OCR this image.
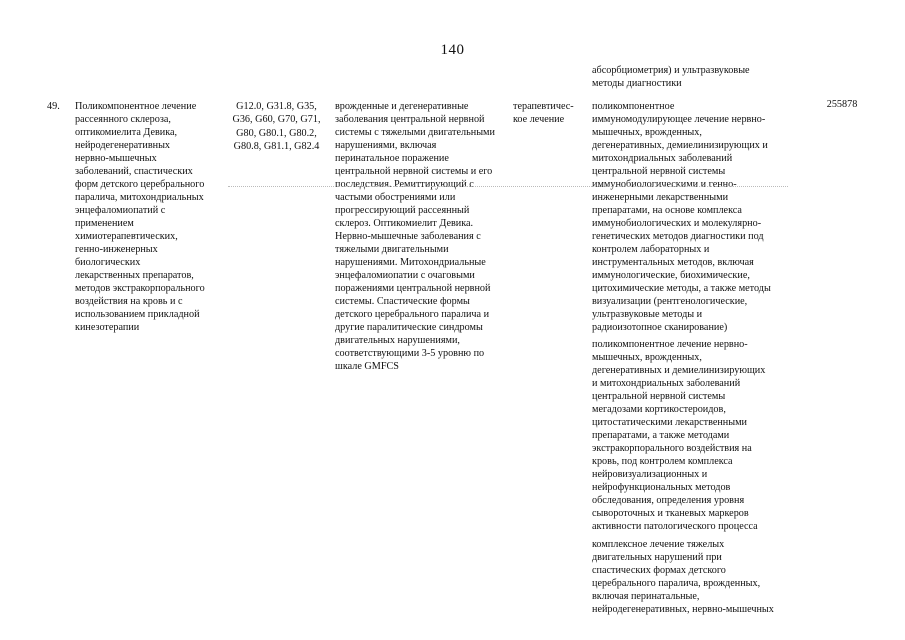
140

абсорбциометрия) и ультразвуковые
методы диагностики

49.	Поликомпонентное лечение
рассеянного склероза,
оптикомиелита Девика,
нейродегенеративных
нервно-мышечных
заболеваний, спастических
форм детского церебрального
паралича, митохондриальных
энцефаломиопатий с
применением
химиотерапевтических,
генно-инженерных
биологических
лекарственных препаратов,
методов экстракорпорального
воздействия на кровь и с
использованием прикладной
кинезотерапии

G12.0, G31.8, G35,
G36, G60, G70, G71,
G80, G80.1, G80.2,
G80.8, G81.1, G82.4

врожденные и дегенеративные
заболевания центральной нервной
системы с тяжелыми двигательными
нарушениями, включая
перинатальное поражение
центральной нервной системы и его
последствия. Ремиттирующий с
частыми обострениями или
прогрессирующий рассеянный
склероз. Оптикомиелит Девика.
Нервно-мышечные заболевания с
тяжелыми двигательными
нарушениями. Митохондриальные
энцефаломиопатии с очаговыми
поражениями центральной нервной
системы. Спастические формы
детского церебрального паралича и
другие паралитические синдромы
двигательных нарушениями,
соответствующими 3-5 уровню по
шкале GMFCS

терапевтичес-
кое лечение

поликомпонентное
иммуномодулирующее лечение нервно-
мышечных, врожденных,
дегенеративных, демиелинизирующих и
митохондриальных заболеваний
центральной нервной системы
иммунобиологическими и генно-
инженерными лекарственными
препаратами, на основе комплекса
иммунобиологических и молекулярно-
генетических методов диагностики под
контролем лабораторных и
инструментальных методов, включая
иммунологические, биохимические,
цитохимические методы, а также методы
визуализации (рентгенологические,
ультразвуковые методы и
радиоизотопное сканирование)

поликомпонентное лечение нервно-
мышечных, врожденных,
дегенеративных и демиелинизирующих
и митохондриальных заболеваний
центральной нервной системы
мегадозами кортикостероидов,
цитостатическими лекарственными
препаратами, а также методами
экстракорпорального воздействия на
кровь, под контролем комплекса
нейровизуализационных и
нейрофункциональных методов
обследования, определения уровня
сывороточных и тканевых маркеров
активности патологического процесса

комплексное лечение тяжелых
двигательных нарушений при
спастических формах детского
церебрального паралича, врожденных,
включая перинатальные,
нейродегенеративных, нервно-мышечных

255878
